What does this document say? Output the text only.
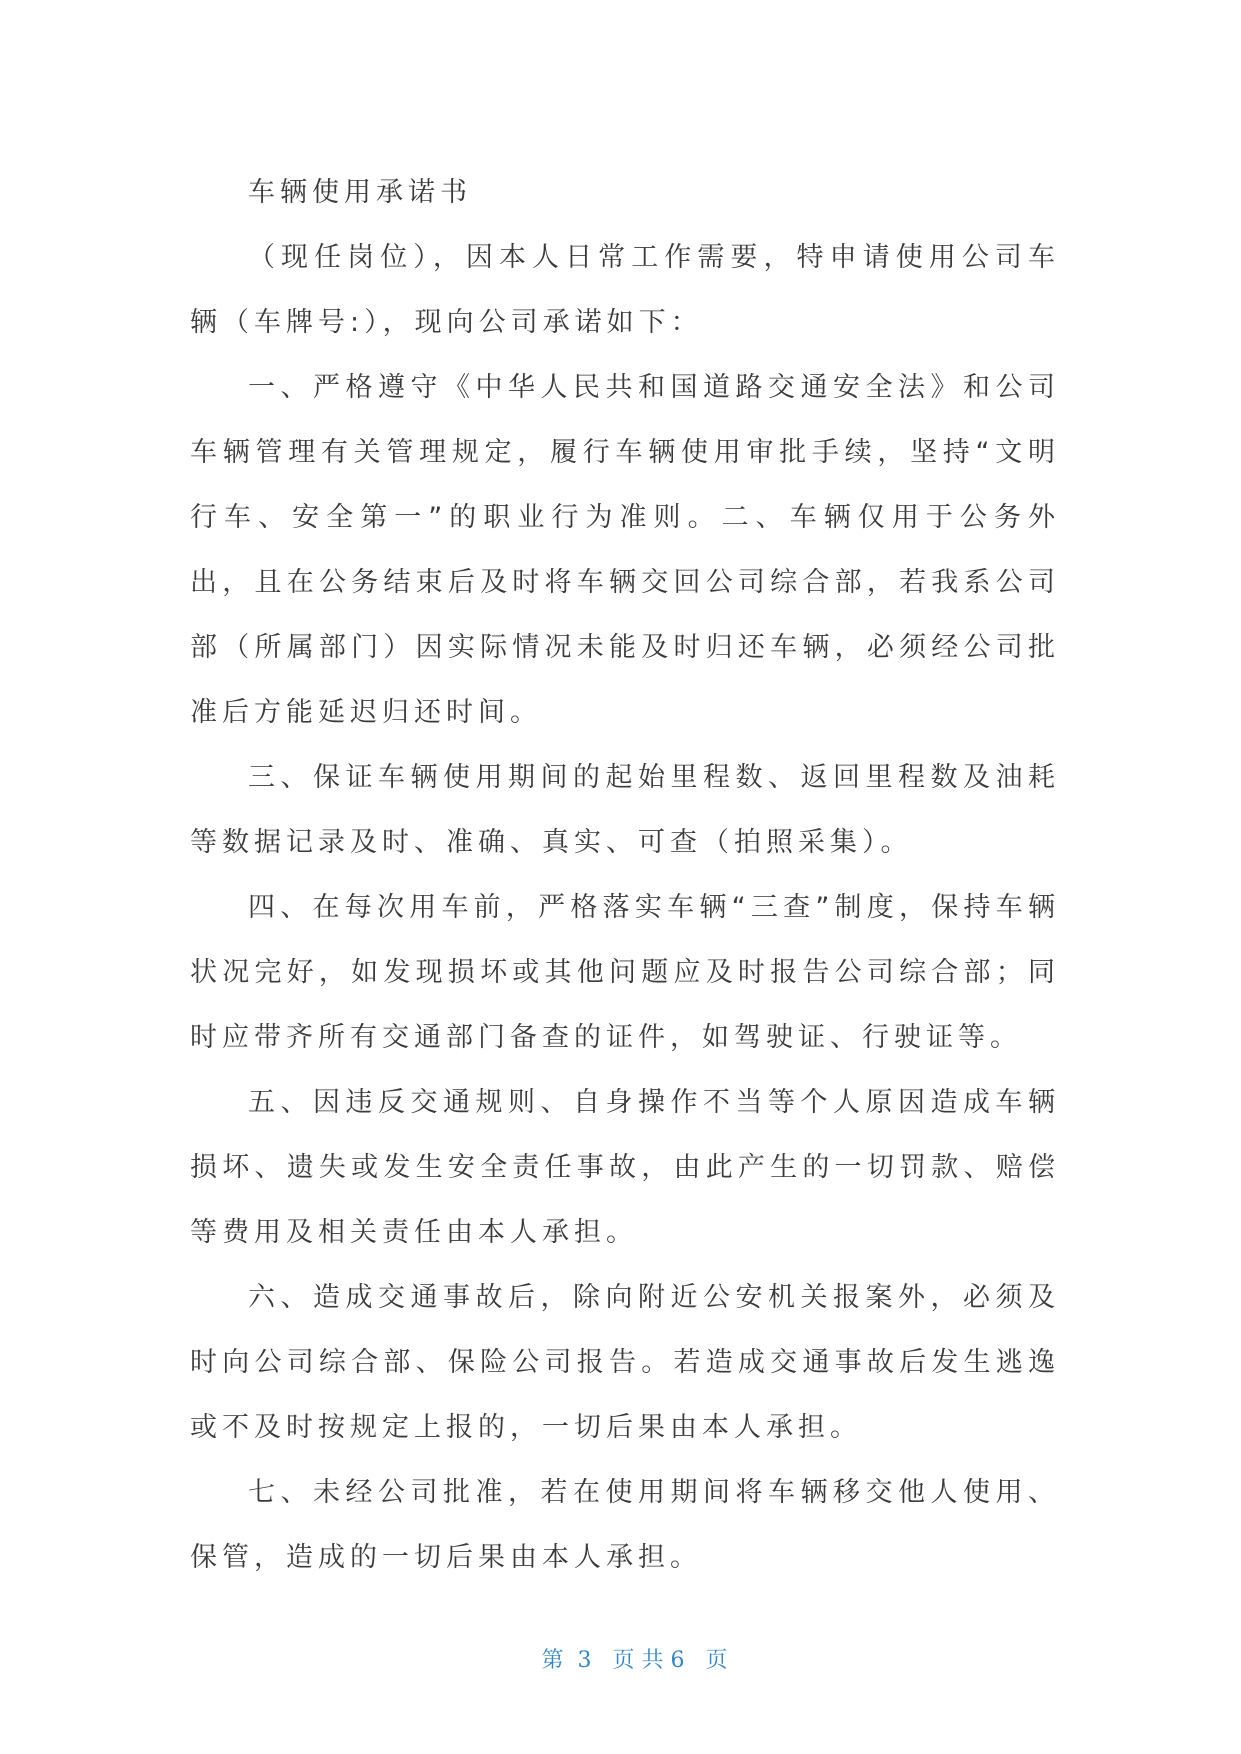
车辆使用承诺书

（现任岗位），因本人日常工作需要，特申请使用公司车辆（车牌号:），现向公司承诺如下：

一、严格遵守《中华人民共和国道路交通安全法》和公司车辆管理有关管理规定，履行车辆使用审批手续，坚持“文明行车、安全第一”的职业行为准则。二、车辆仅用于公务外出，且在公务结束后及时将车辆交回公司综合部，若我系公司部（所属部门）因实际情况未能及时归还车辆，必须经公司批准后方能延迟归还时间。

三、保证车辆使用期间的起始里程数、返回里程数及油耗等数据记录及时、准确、真实、可查（拍照采集）。

四、在每次用车前，严格落实车辆“三查”制度，保持车辆状况完好，如发现损坏或其他问题应及时报告公司综合部；同时应带齐所有交通部门备查的证件，如驾驶证、行驶证等。

五、因违反交通规则、自身操作不当等个人原因造成车辆损坏、遗失或发生安全责任事故，由此产生的一切罚款、赔偿等费用及相关责任由本人承担。

六、造成交通事故后，除向附近公安机关报案外，必须及时向公司综合部、保险公司报告。若造成交通事故后发生逃逸或不及时按规定上报的，一切后果由本人承担。

七、未经公司批准，若在使用期间将车辆移交他人使用、保管，造成的一切后果由本人承担。

第  3   页 共 6   页
